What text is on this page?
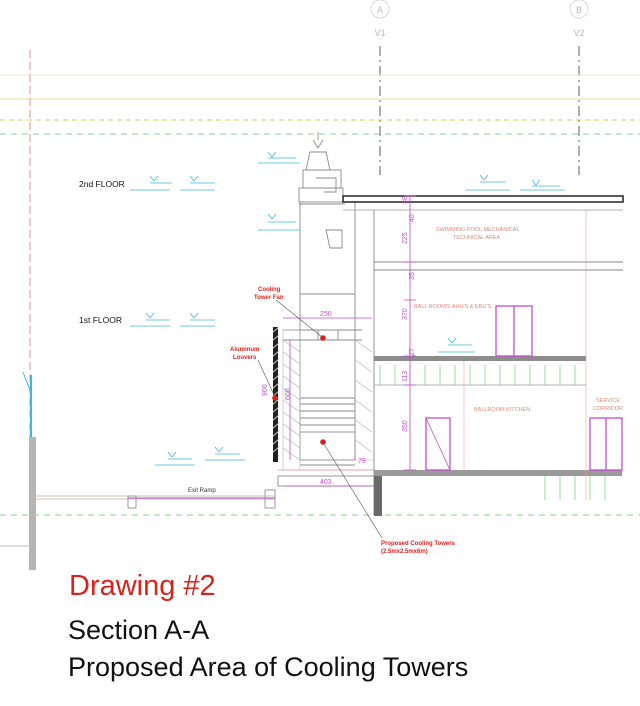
A
V1
B
V2
Exit Ramp
2nd FLOOR
1st FLOOR
250
403
600
900
38
40
225
35
370
27
113
350
79
SWIMMING POOL MECHANICAL
TECHNICAL AREA
BALL ROOMS' AHU'S & ERU'S
BALLROOM KITCHEN
SERVICE
CORRIDOR
Cooling
Tower Fan
Aluminum
Louvers
Proposed Cooling Towers
(2.5mx2.5mx6m)

Drawing #2

Section A-A

Proposed Area of Cooling Towers
